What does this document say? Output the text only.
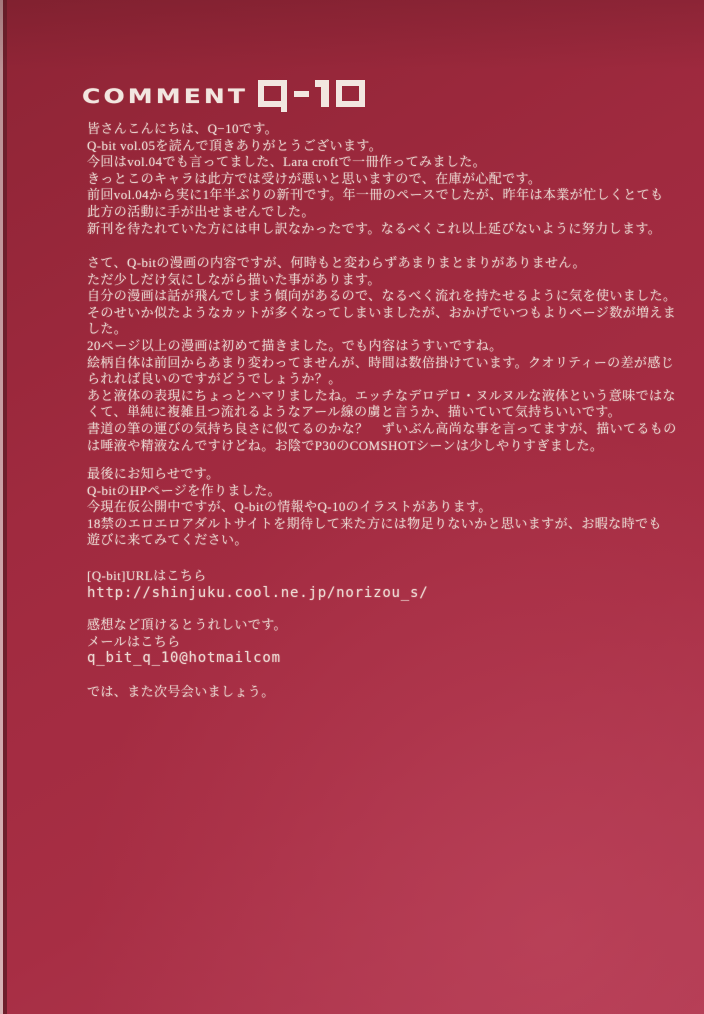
COMMENT
皆さんこんにちは、Q−10です。
Q-bit vol.05を読んで頂きありがとうございます。
今回はvol.04でも言ってました、Lara croftで一冊作ってみました。
きっとこのキャラは此方では受けが悪いと思いますので、在庫が心配です。
前回vol.04から実に1年半ぶりの新刊です。年一冊のペースでしたが、昨年は本業が忙しくとても
此方の活動に手が出せませんでした。
新刊を待たれていた方には申し訳なかったです。なるべくこれ以上延びないように努力します。
さて、Q-bitの漫画の内容ですが、何時もと変わらずあまりまとまりがありません。
ただ少しだけ気にしながら描いた事があります。
自分の漫画は話が飛んでしまう傾向があるので、なるべく流れを持たせるように気を使いました。
そのせいか似たようなカットが多くなってしまいましたが、おかげでいつもよりページ数が増えま
した。
20ページ以上の漫画は初めて描きました。でも内容はうすいですね。
絵柄自体は前回からあまり変わってませんが、時間は数倍掛けています。クオリティーの差が感じ
られれば良いのですがどうでしょうか？。
あと液体の表現にちょっとハマリましたね。エッチなデロデロ・ヌルヌルな液体という意味ではな
くて、単純に複雑且つ流れるようなアール線の虜と言うか、描いていて気持ちいいです。
書道の筆の運びの気持ち良さに似てるのかな？　ずいぶん高尚な事を言ってますが、描いてるもの
は唾液や精液なんですけどね。お陰でP30のCOMSHOTシーンは少しやりすぎました。
最後にお知らせです。
Q-bitのHPページを作りました。
今現在仮公開中ですが、Q-bitの情報やQ-10のイラストがあります。
18禁のエロエロアダルトサイトを期待して来た方には物足りないかと思いますが、お暇な時でも
遊びに来てみてください。
[Q-bit]URLはこちら
http://shinjuku.cool.ne.jp/norizou_s/
感想など頂けるとうれしいです。
メールはこちら
q_bit_q_10@hotmailcom
では、また次号会いましょう。
